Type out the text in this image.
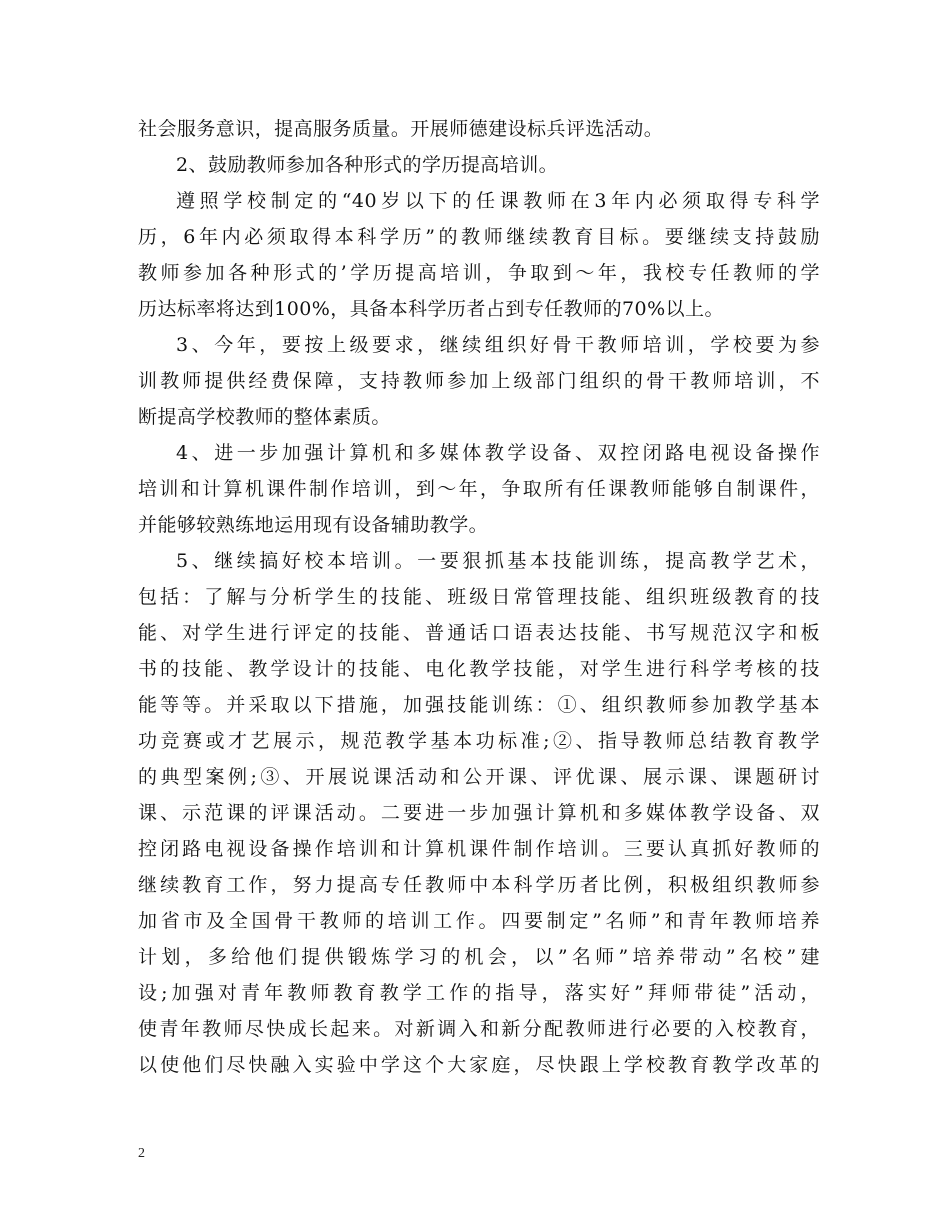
社会服务意识，提高服务质量。开展师德建设标兵评选活动。
2、鼓励教师参加各种形式的学历提高培训。
遵照学校制定的“40岁以下的任课教师在3年内必须取得专科学
历，6年内必须取得本科学历”的教师继续教育目标。要继续支持鼓励
教师参加各种形式的’学历提高培训，争取到～年，我校专任教师的学
历达标率将达到100%，具备本科学历者占到专任教师的70%以上。
3、今年，要按上级要求，继续组织好骨干教师培训，学校要为参
训教师提供经费保障，支持教师参加上级部门组织的骨干教师培训，不
断提高学校教师的整体素质。
4、进一步加强计算机和多媒体教学设备、双控闭路电视设备操作
培训和计算机课件制作培训，到～年，争取所有任课教师能够自制课件，
并能够较熟练地运用现有设备辅助教学。
5、继续搞好校本培训。一要狠抓基本技能训练，提高教学艺术，
包括：了解与分析学生的技能、班级日常管理技能、组织班级教育的技
能、对学生进行评定的技能、普通话口语表达技能、书写规范汉字和板
书的技能、教学设计的技能、电化教学技能，对学生进行科学考核的技
能等等。并采取以下措施，加强技能训练：①、组织教师参加教学基本
功竞赛或才艺展示，规范教学基本功标准;②、指导教师总结教育教学
的典型案例;③、开展说课活动和公开课、评优课、展示课、课题研讨
课、示范课的评课活动。二要进一步加强计算机和多媒体教学设备、双
控闭路电视设备操作培训和计算机课件制作培训。三要认真抓好教师的
继续教育工作，努力提高专任教师中本科学历者比例，积极组织教师参
加省市及全国骨干教师的培训工作。四要制定”名师”和青年教师培养
计划，多给他们提供锻炼学习的机会，以”名师”培养带动”名校”建
设;加强对青年教师教育教学工作的指导，落实好”拜师带徒”活动，
使青年教师尽快成长起来。对新调入和新分配教师进行必要的入校教育，
以使他们尽快融入实验中学这个大家庭，尽快跟上学校教育教学改革的
2
